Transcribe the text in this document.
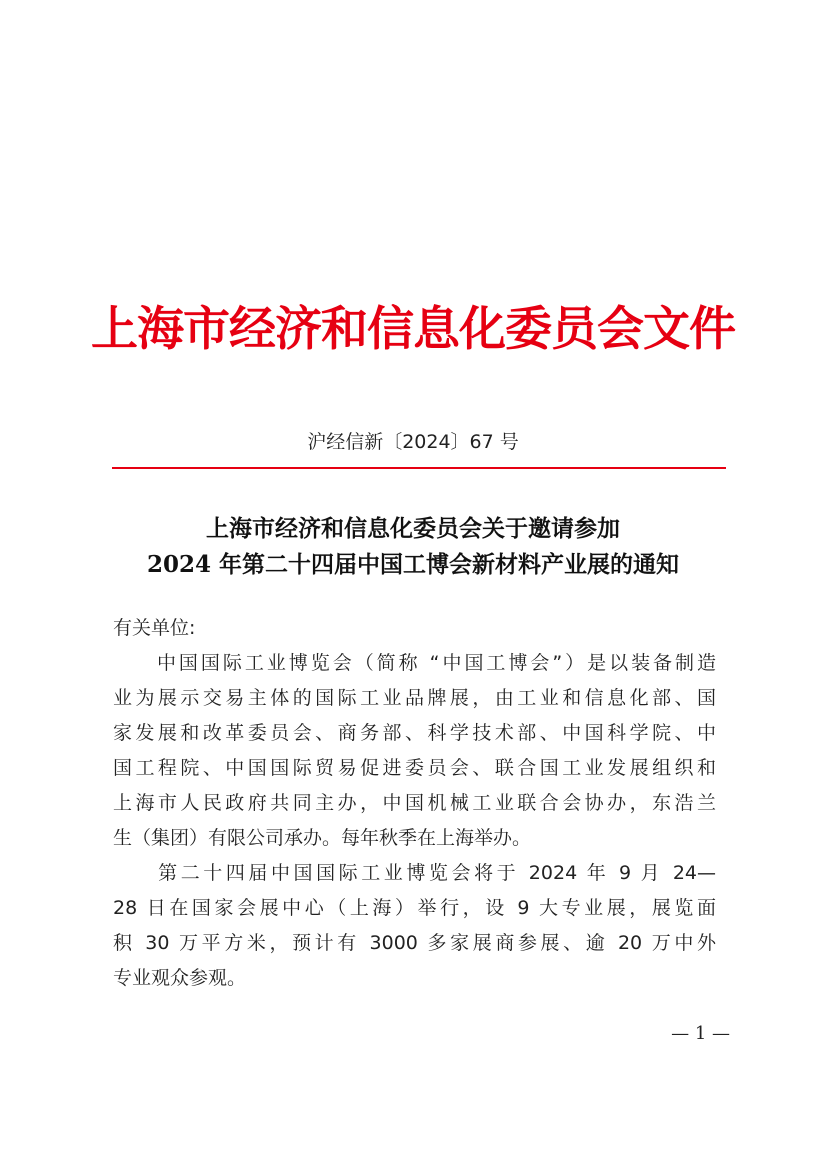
上海市经济和信息化委员会文件
沪经信新〔2024〕67 号
上海市经济和信息化委员会关于邀请参加
2024 年第二十四届中国工博会新材料产业展的通知
有关单位:
　　中国国际工业博览会（简称 “中国工博会”）是以装备制造
业为展示交易主体的国际工业品牌展，由工业和信息化部、国
家发展和改革委员会、商务部、科学技术部、中国科学院、中
国工程院、中国国际贸易促进委员会、联合国工业发展组织和
上海市人民政府共同主办，中国机械工业联合会协办，东浩兰
生（集团）有限公司承办。每年秋季在上海举办。
　　第二十四届中国国际工业博览会将于 2024 年 9 月 24—
28 日在国家会展中心（上海）举行，设 9 大专业展，展览面
积 30 万平方米，预计有 3000 多家展商参展、逾 20 万中外
专业观众参观。
— 1 —
